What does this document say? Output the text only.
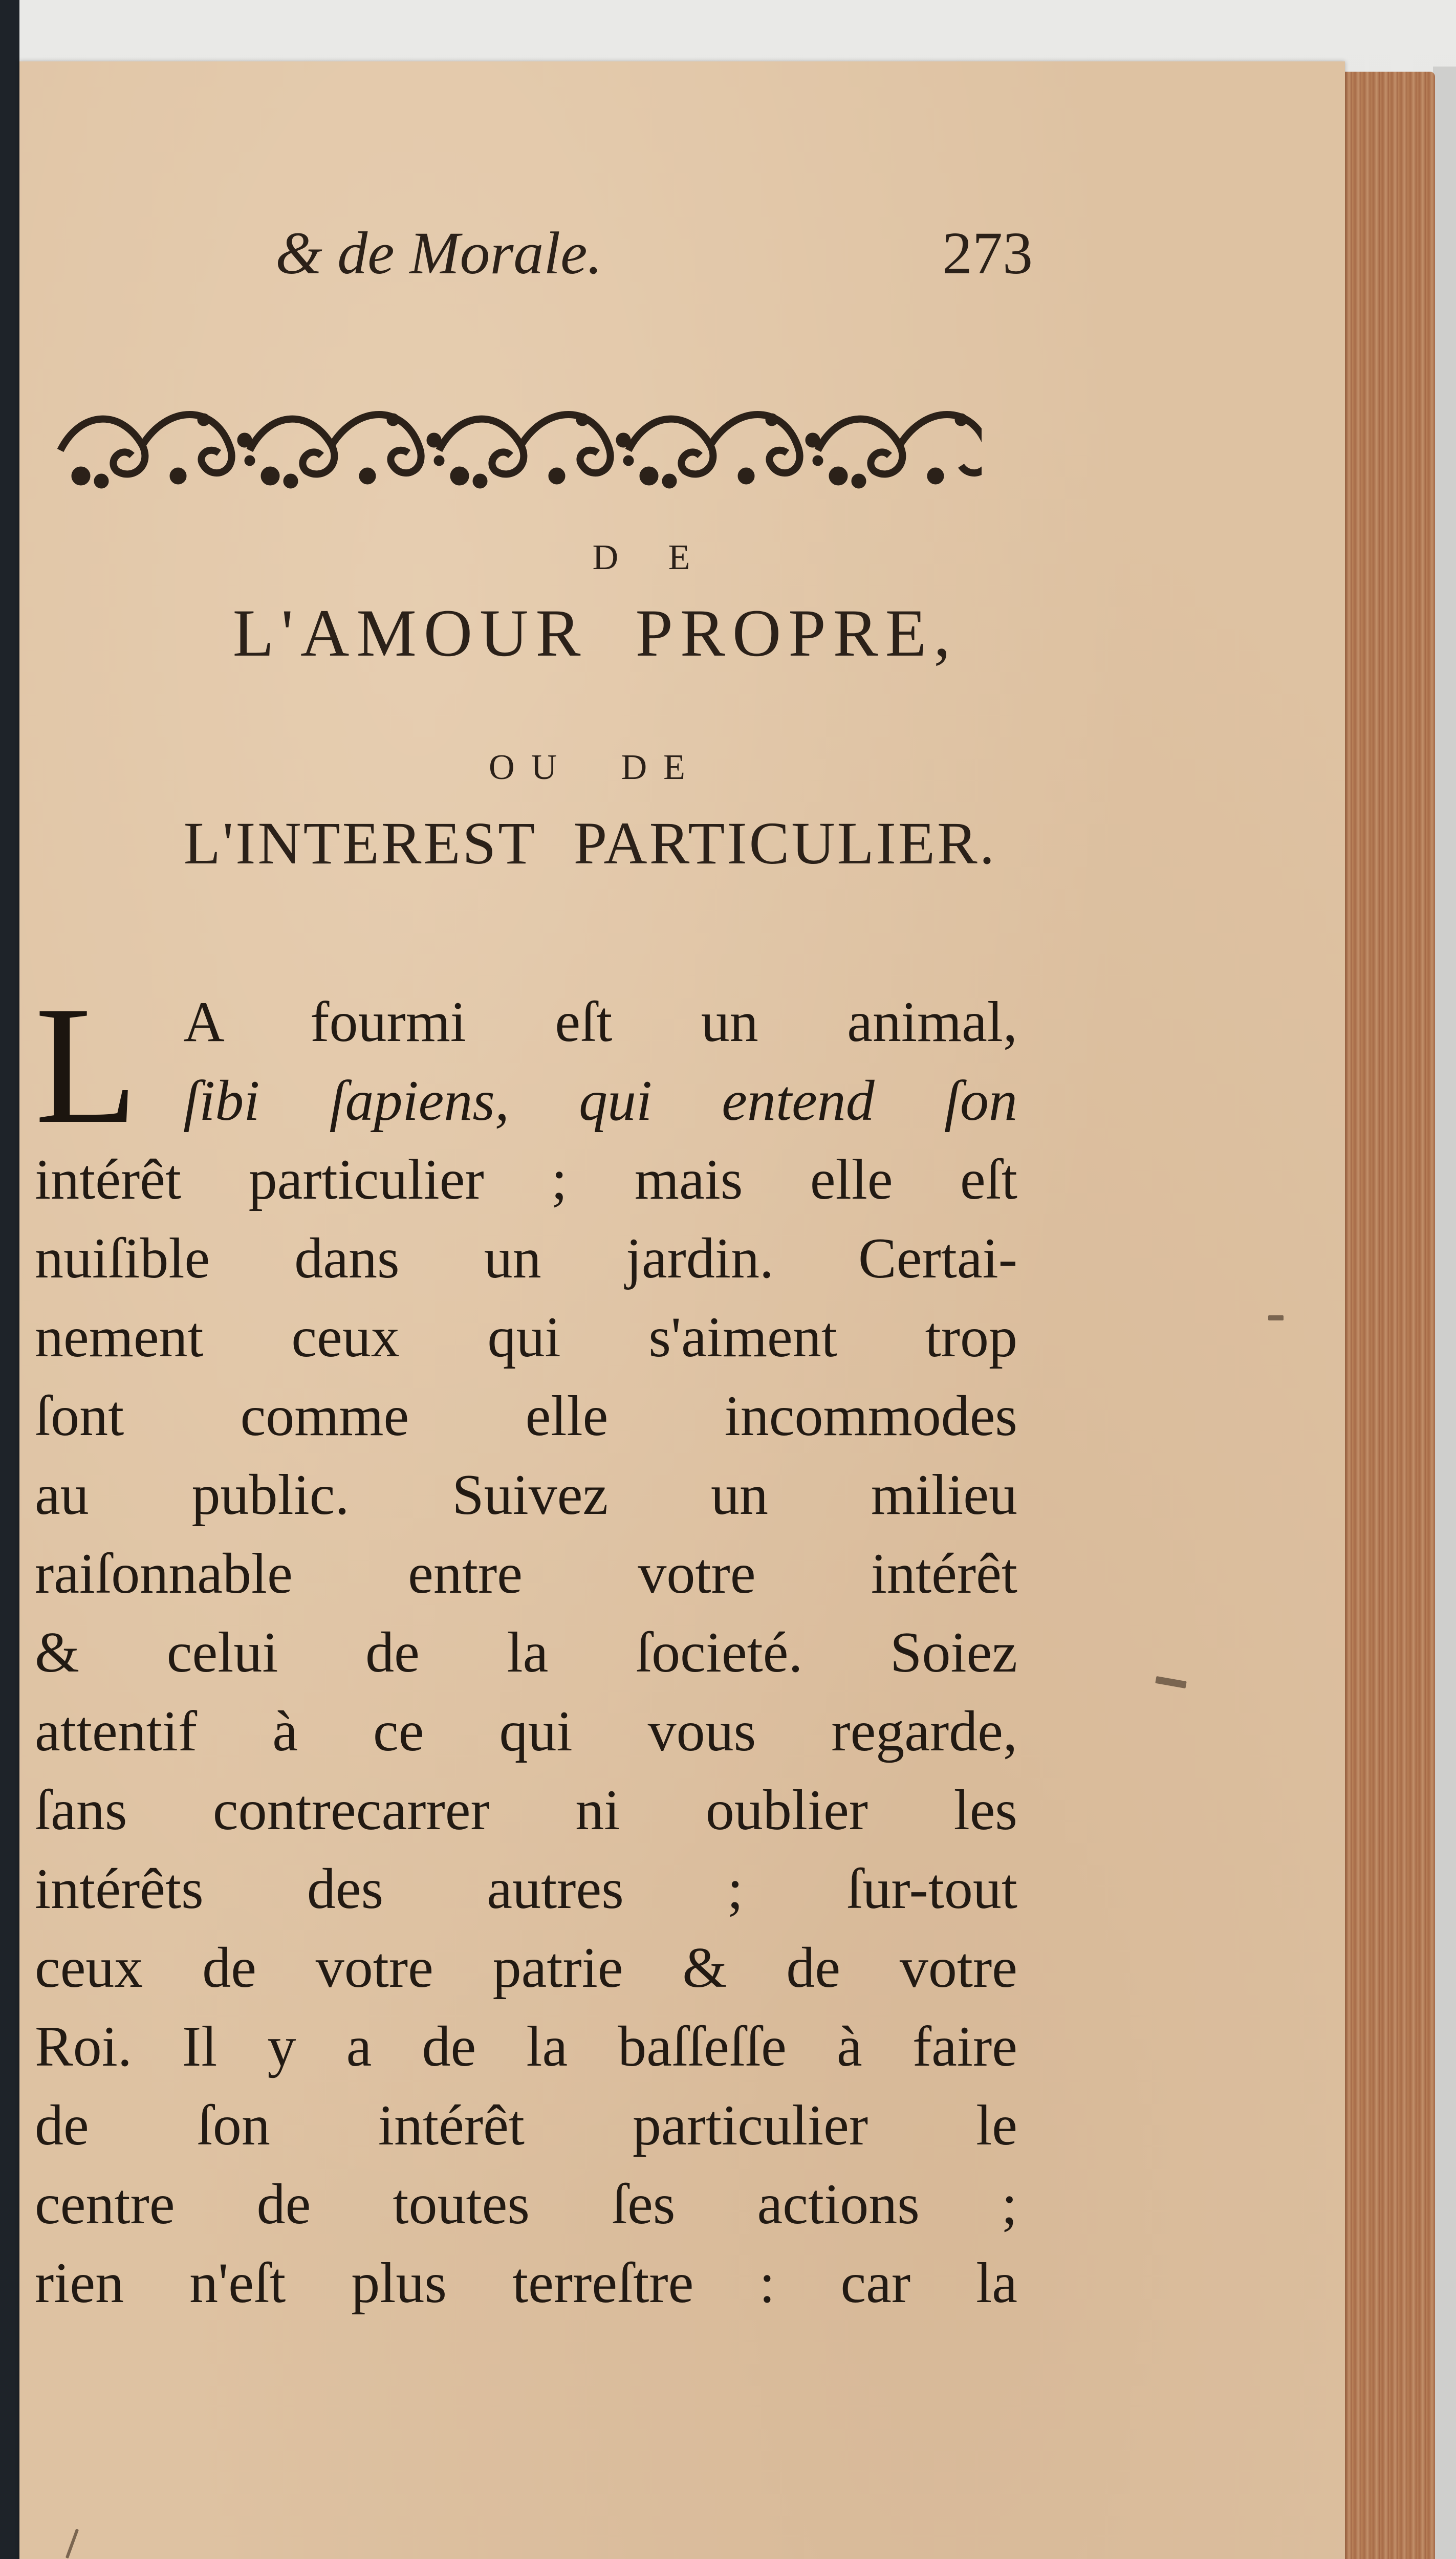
& de Morale.	273
D E
L'AMOUR PROPRE,
OU DE
L'INTEREST PARTICULIER.
L A fourmi eſt un animal,
ſibi ſapiens, qui entend ſon
intérêt particulier ; mais elle eſt
nuiſible dans un jardin. Certai-
nement ceux qui s'aiment trop
ſont comme elle incommodes
au public. Suivez un milieu
raiſonnable entre votre intérêt
& celui de la ſocieté. Soiez
attentif à ce qui vous regarde,
ſans contrecarrer ni oublier les
intérêts des autres ; ſur-tout
ceux de votre patrie & de votre
Roi. Il y a de la baſſeſſe à faire
de ſon intérêt particulier le
centre de toutes ſes actions ;
rien n'eſt plus terreſtre : car la
